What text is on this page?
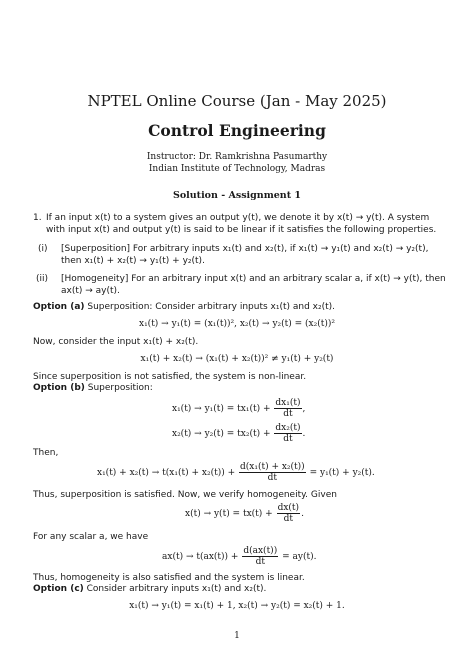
NPTEL Online Course (Jan - May 2025)
Control Engineering
Instructor: Dr. Ramkrishna Pasumarthy
Indian Institute of Technology, Madras
Solution - Assignment 1
1. If an input x(t) to a system gives an output y(t), we denote it by x(t) → y(t). A system
with input x(t) and output y(t) is said to be linear if it satisfies the following properties.
(i) [Superposition] For arbitrary inputs x₁(t) and x₂(t), if x₁(t) → y₁(t) and x₂(t) → y₂(t),
then x₁(t) + x₂(t) → y₁(t) + y₂(t).
(ii) [Homogeneity] For an arbitrary input x(t) and an arbitrary scalar a, if x(t) → y(t), then
ax(t) → ay(t).
Option (a) Superposition: Consider arbitrary inputs x₁(t) and x₂(t).
x₁(t) → y₁(t) = (x₁(t))², x₂(t) → y₂(t) = (x₂(t))²
Now, consider the input x₁(t) + x₂(t).
x₁(t) + x₂(t) → (x₁(t) + x₂(t))² ≠ y₁(t) + y₂(t)
Since superposition is not satisfied, the system is non-linear.
Option (b) Superposition:
$x_1(t) \to y_1(t) = tx_1(t) + \frac{\text{dx₁(t)}}{dt}$ ,
$x_2(t) \to y_2(t) = tx_2(t) + \frac{\text{dx₂(t)}}{dt}$ .
Then,
$x_1(t) + x_2(t) \to t(x_1(t) + x_2(t)) + \frac{\text{d(x₁(t) + x₂(t))}}{dt} = y_1(t) + y_2(t)$.
Thus, superposition is satisfied. Now, we verify homogeneity. Given
$x(t) \to y(t) = tx(t) + \frac{dx(t)}{dt}$ .
For any scalar a, we have
$ax(t) \to t(ax(t)) + \frac{d(ax(t))}{dt} = ay(t)$.
Thus, homogeneity is also satisfied and the system is linear.
Option (c) Consider arbitrary inputs x₁(t) and x₂(t).
x₁(t) → y₁(t) = x₁(t) + 1, x₂(t) → y₂(t) = x₂(t) + 1.
1
